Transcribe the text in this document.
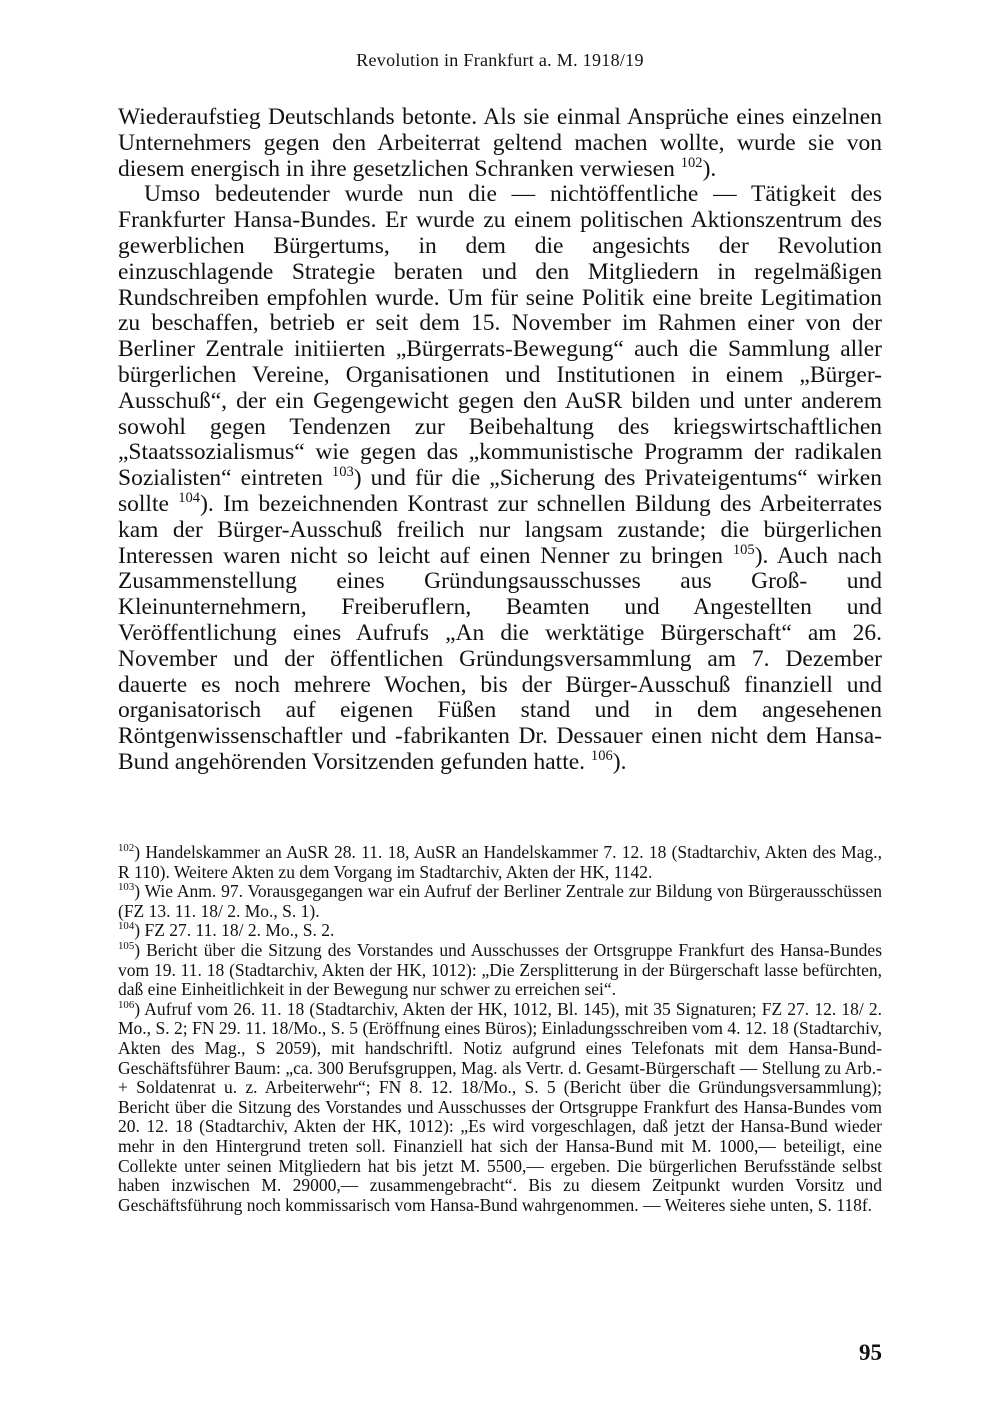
Revolution in Frankfurt a. M. 1918/19

Wiederaufstieg Deutschlands betonte. Als sie einmal Ansprüche eines einzelnen Unternehmers gegen den Arbeiterrat geltend machen wollte, wurde sie von diesem energisch in ihre gesetzlichen Schranken verwiesen $^{102}$).

Umso bedeutender wurde nun die — nichtöffentliche — Tätigkeit des Frankfurter Hansa-Bundes. Er wurde zu einem politischen Aktionszentrum des gewerblichen Bürgertums, in dem die angesichts der Revolution einzuschlagende Strategie beraten und den Mitgliedern in regelmäßigen Rundschreiben empfohlen wurde. Um für seine Politik eine breite Legitimation zu beschaffen, betrieb er seit dem 15. November im Rahmen einer von der Berliner Zentrale initiierten „Bürgerrats-Bewegung“ auch die Sammlung aller bürgerlichen Vereine, Organisationen und Institutionen in einem „Bürger-Ausschuß“, der ein Gegengewicht gegen den AuSR bilden und unter anderem sowohl gegen Tendenzen zur Beibehaltung des kriegswirtschaftlichen „Staatssozialismus“ wie gegen das „kommunistische Programm der radikalen Sozialisten“ eintreten $^{103}$) und für die „Sicherung des Privateigentums“ wirken sollte $^{104}$). Im bezeichnenden Kontrast zur schnellen Bildung des Arbeiterrates kam der Bürger-Ausschuß freilich nur langsam zustande; die bürgerlichen Interessen waren nicht so leicht auf einen Nenner zu bringen $^{105}$). Auch nach Zusammenstellung eines Gründungsausschusses aus Groß- und Kleinunternehmern, Freiberuflern, Beamten und Angestellten und Veröffentlichung eines Aufrufs „An die werktätige Bürgerschaft“ am 26. November und der öffentlichen Gründungsversammlung am 7. Dezember dauerte es noch mehrere Wochen, bis der Bürger-Ausschuß finanziell und organisatorisch auf eigenen Füßen stand und in dem angesehenen Röntgenwissenschaftler und -fabrikanten Dr. Dessauer einen nicht dem Hansa-Bund angehörenden Vorsitzenden gefunden hatte. $^{106}$).

$^{102}$) Handelskammer an AuSR 28. 11. 18, AuSR an Handelskammer 7. 12. 18 (Stadtarchiv, Akten des Mag., R 110). Weitere Akten zu dem Vorgang im Stadtarchiv, Akten der HK, 1142.

$^{103}$) Wie Anm. 97. Vorausgegangen war ein Aufruf der Berliner Zentrale zur Bildung von Bürgerausschüssen (FZ 13. 11. 18/ 2. Mo., S. 1).

$^{104}$) FZ 27. 11. 18/ 2. Mo., S. 2.

$^{105}$) Bericht über die Sitzung des Vorstandes und Ausschusses der Ortsgruppe Frankfurt des Hansa-Bundes vom 19. 11. 18 (Stadtarchiv, Akten der HK, 1012): „Die Zersplitterung in der Bürgerschaft lasse befürchten, daß eine Einheitlichkeit in der Bewegung nur schwer zu erreichen sei“.

$^{106}$) Aufruf vom 26. 11. 18 (Stadtarchiv, Akten der HK, 1012, Bl. 145), mit 35 Signaturen; FZ 27. 12. 18/ 2. Mo., S. 2; FN 29. 11. 18/Mo., S. 5 (Eröffnung eines Büros); Einladungsschreiben vom 4. 12. 18 (Stadtarchiv, Akten des Mag., S 2059), mit handschriftl. Notiz aufgrund eines Telefonats mit dem Hansa-Bund-Geschäftsführer Baum: „ca. 300 Berufsgruppen, Mag. als Vertr. d. Gesamt-Bürgerschaft — Stellung zu Arb.- + Soldatenrat u. z. Arbeiterwehr“; FN 8. 12. 18/Mo., S. 5 (Bericht über die Gründungsversammlung); Bericht über die Sitzung des Vorstandes und Ausschusses der Ortsgruppe Frankfurt des Hansa-Bundes vom 20. 12. 18 (Stadtarchiv, Akten der HK, 1012): „Es wird vorgeschlagen, daß jetzt der Hansa-Bund wieder mehr in den Hintergrund treten soll. Finanziell hat sich der Hansa-Bund mit M. 1000,— beteiligt, eine Collekte unter seinen Mitgliedern hat bis jetzt M. 5500,— ergeben. Die bürgerlichen Berufsstände selbst haben inzwischen M. 29000,— zusammengebracht“. Bis zu diesem Zeitpunkt wurden Vorsitz und Geschäftsführung noch kommissarisch vom Hansa-Bund wahrgenommen. — Weiteres siehe unten, S. 118f.

95
